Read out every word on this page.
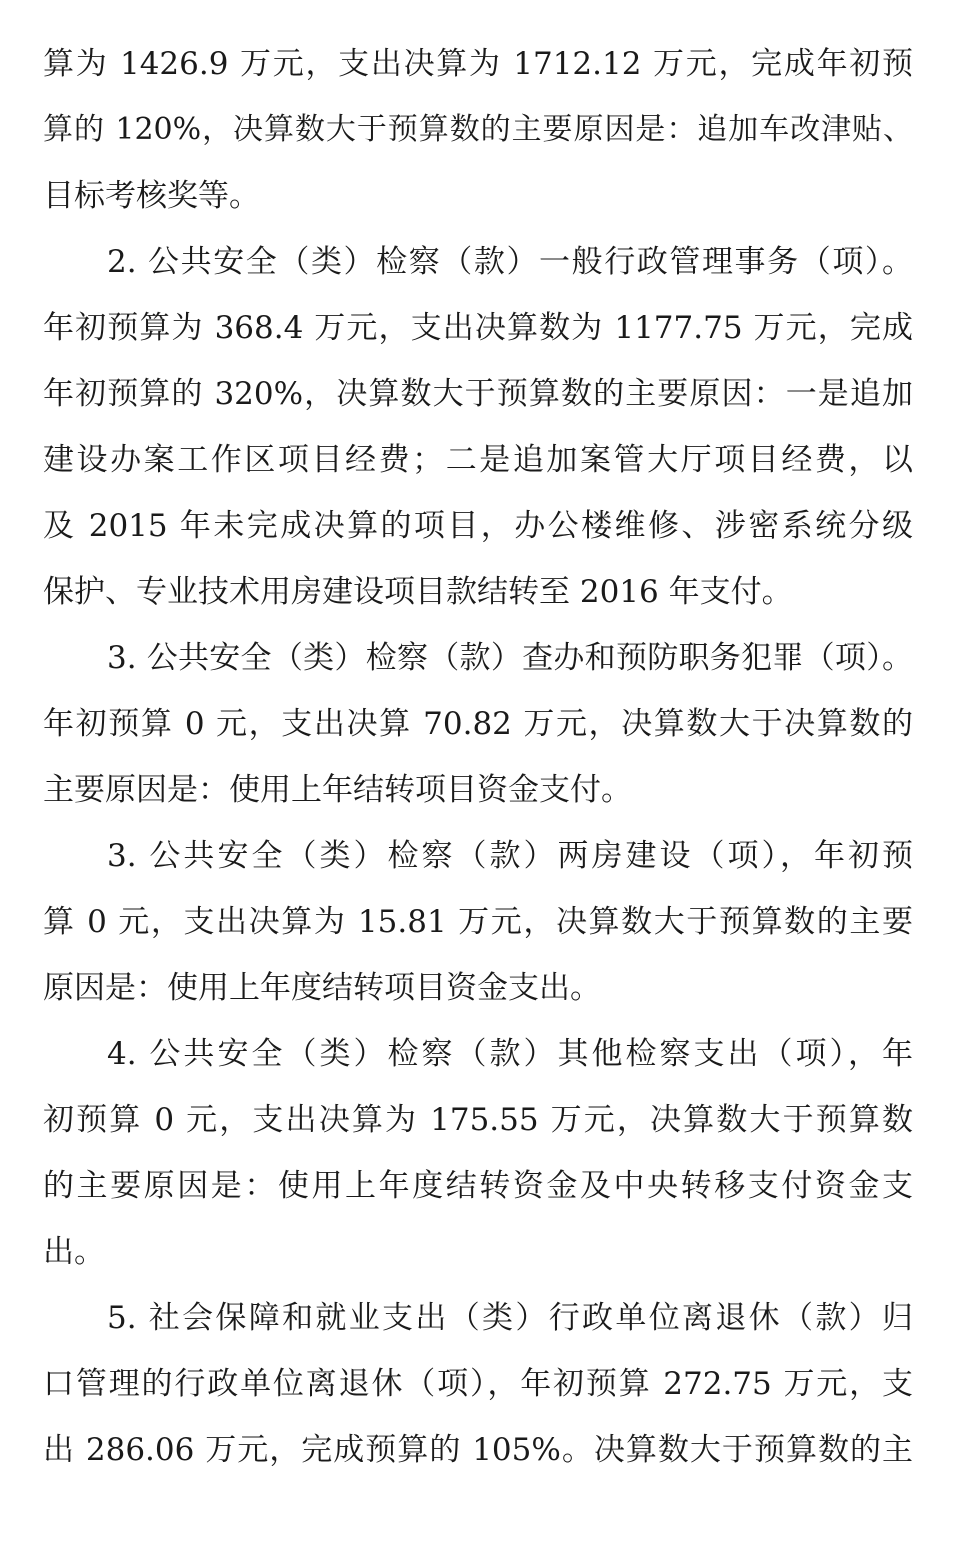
算为 1426.9 万元，支出决算为 1712.12 万元，完成年初预
算的 120%，决算数大于预算数的主要原因是：追加车改津贴、
目标考核奖等。
2. 公共安全（类）检察（款）一般行政管理事务（项）。
年初预算为 368.4 万元，支出决算数为 1177.75 万元，完成
年初预算的 320%，决算数大于预算数的主要原因：一是追加
建设办案工作区项目经费；二是追加案管大厅项目经费，以
及 2015 年未完成决算的项目，办公楼维修、涉密系统分级
保护、专业技术用房建设项目款结转至 2016 年支付。
3. 公共安全（类）检察（款）查办和预防职务犯罪（项）。
年初预算 0 元，支出决算 70.82 万元，决算数大于决算数的
主要原因是：使用上年结转项目资金支付。
3. 公共安全（类）检察（款）两房建设（项），年初预
算 0 元，支出决算为 15.81 万元，决算数大于预算数的主要
原因是：使用上年度结转项目资金支出。
4. 公共安全（类）检察（款）其他检察支出（项），年
初预算 0 元，支出决算为 175.55 万元，决算数大于预算数
的主要原因是：使用上年度结转资金及中央转移支付资金支
出。
5. 社会保障和就业支出（类）行政单位离退休（款）归
口管理的行政单位离退休（项），年初预算 272.75 万元，支
出 286.06 万元，完成预算的 105%。决算数大于预算数的主
